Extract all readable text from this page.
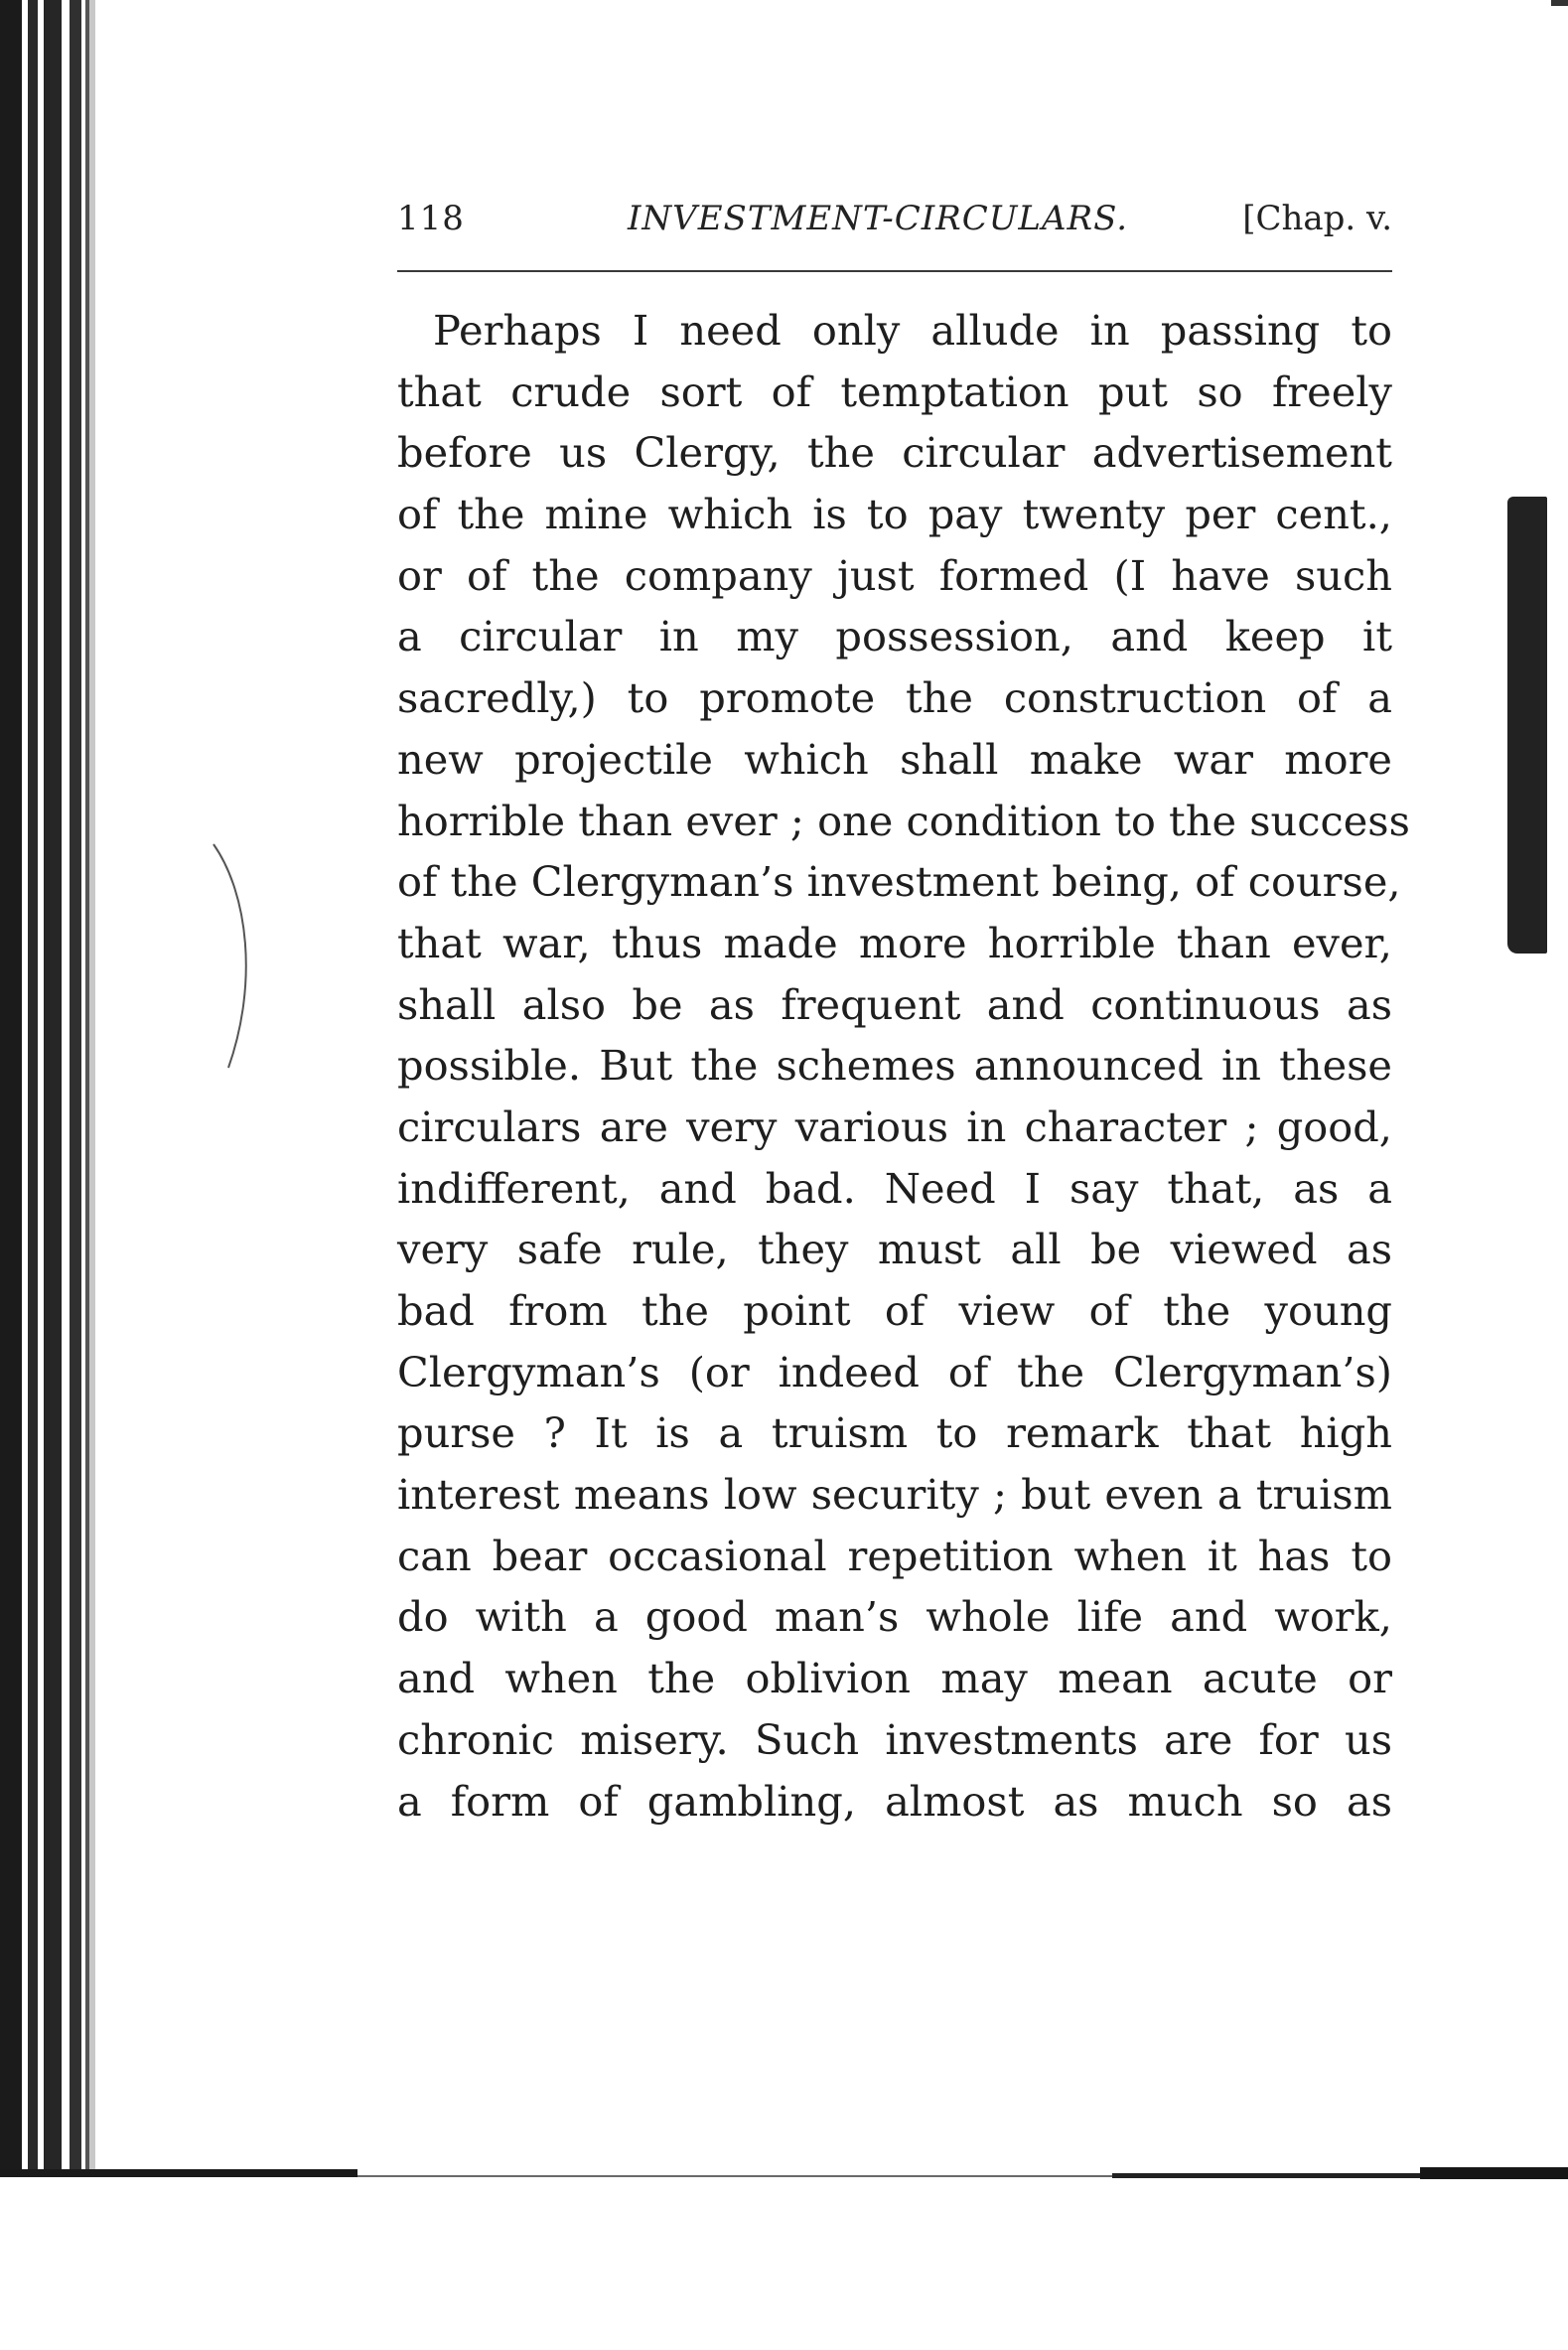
118	INVESTMENT-CIRCULARS.	[Chap. v.
Perhaps I need only allude in passing to
that crude sort of temptation put so freely
before us Clergy, the circular advertisement
of the mine which is to pay twenty per cent.,
or of the company just formed (I have such
a circular in my possession, and keep it
sacredly,) to promote the construction of a
new projectile which shall make war more
horrible than ever ; one condition to the success
of the Clergyman’s investment being, of course,
that war, thus made more horrible than ever,
shall also be as frequent and continuous as
possible. But the schemes announced in these
circulars are very various in character ; good,
indifferent, and bad. Need I say that, as a
very safe rule, they must all be viewed as
bad from the point of view of the young
Clergyman’s (or indeed of the Clergyman’s)
purse ? It is a truism to remark that high
interest means low security ; but even a truism
can bear occasional repetition when it has to
do with a good man’s whole life and work,
and when the oblivion may mean acute or
chronic misery. Such investments are for us
a form of gambling, almost as much so as
